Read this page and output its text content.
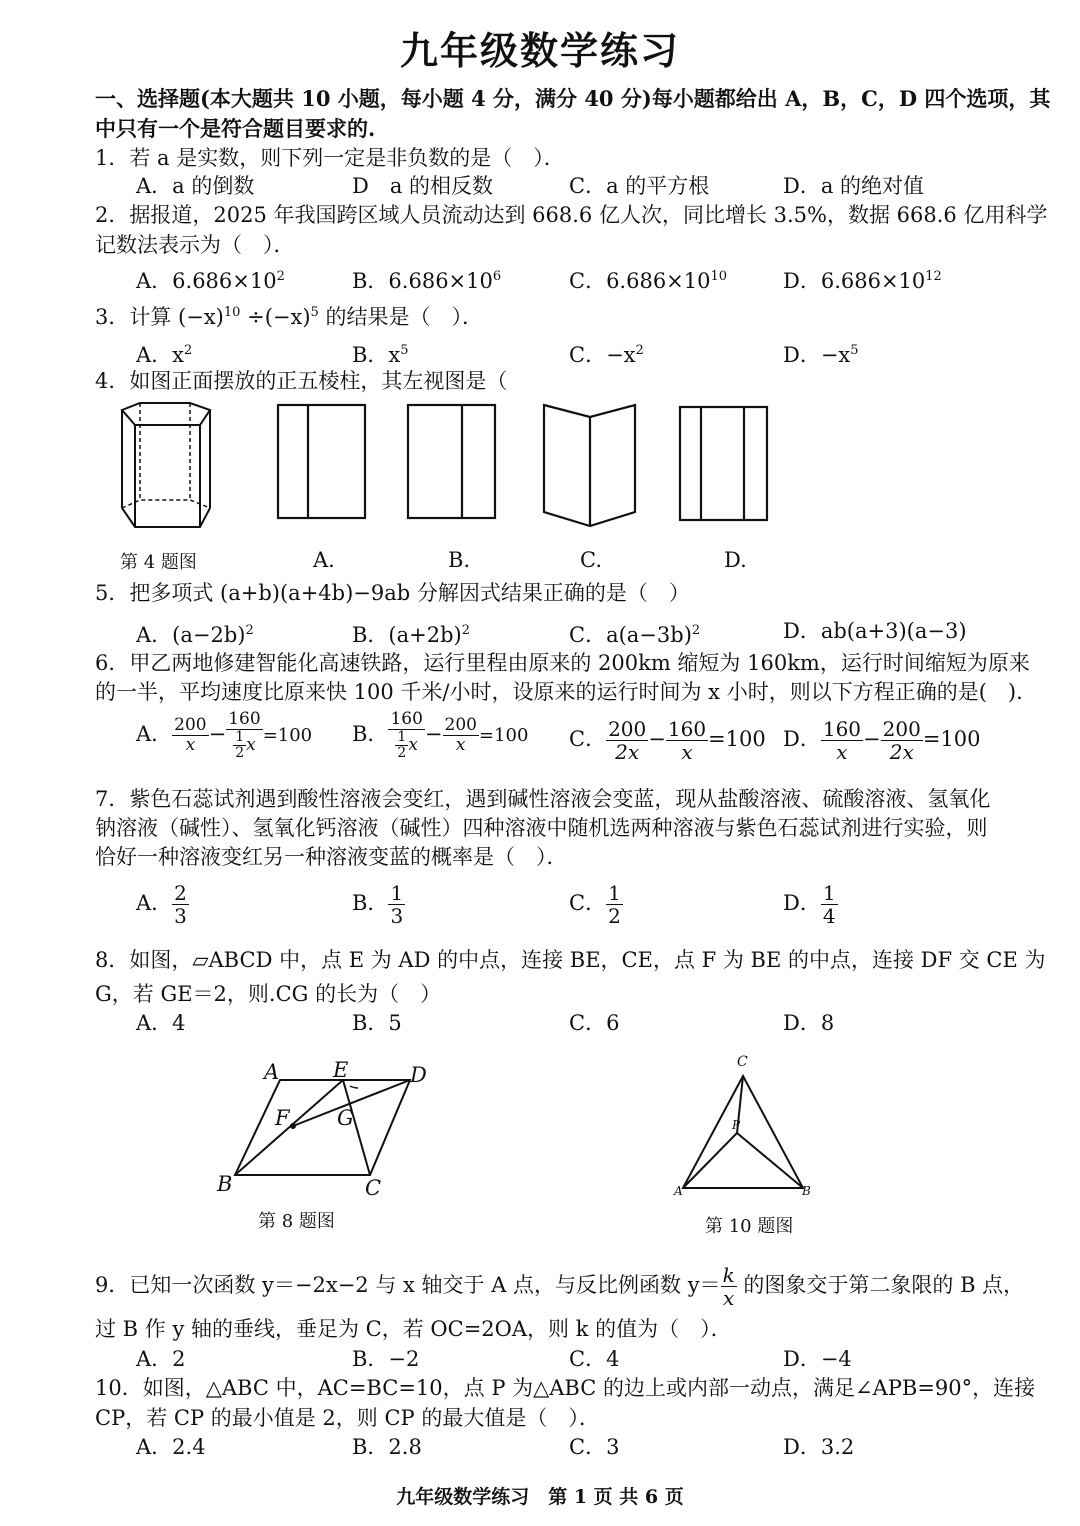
九年级数学练习
一、选择题(本大题共 10 小题，每小题 4 分，满分 40 分)每小题都给出 A，B，C，D 四个选项，其
中只有一个是符合题目要求的.
1．若 a 是实数，则下列一定是非负数的是（　）．
A．a 的倒数	D　a 的相反数	C．a 的平方根	D．a 的绝对值
2．据报道，2025 年我国跨区域人员流动达到 668.6 亿人次，同比增长 3.5%，数据 668.6 亿用科学
记数法表示为（　）．
A．$6.686\times 10^2$	B．$6.686\times 10^6$	C．$6.686\times 10^{10}$	D．$6.686\times 10^{12}$
3．计算 $(-x)^{10} \div(-x)^5$ 的结果是（　）．
A．$x^2$	B．$x^5$	C．$-x^2$	D．$-x^5$
4．如图正面摆放的正五棱柱，其左视图是（
第 4 题图	A.	B.	C.	D.
5．把多项式 (a+b)(a+4b)−9ab 分解因式结果正确的是（　）
A．$(a-2b)^2$	B．$(a+2b)^2$	C．$a(a-3b)^2$	D．ab(a+3)(a−3)
6．甲乙两地修建智能化高速铁路，运行里程由原来的 200km 缩短为 160km，运行时间缩短为原来
的一半，平均速度比原来快 100 千米/小时，设原来的运行时间为 x 小时，则以下方程正确的是(　).
A． $\frac{200}{x} - \frac{160}{\frac{1}{2} x} =100$ B． $\frac{160}{\frac{1}{2} x} - \frac{200}{x} =100$ C． $\frac{200}{2x} - \frac{160}{x} =100$ D． $\frac{160}{x} - \frac{200}{2x} =100$
7．紫色石蕊试剂遇到酸性溶液会变红，遇到碱性溶液会变蓝，现从盐酸溶液、硫酸溶液、氢氧化
钠溶液（碱性）、氢氧化钙溶液（碱性）四种溶液中随机选两种溶液与紫色石蕊试剂进行实验，则
恰好一种溶液变红另一种溶液变蓝的概率是（　）．
A． $\frac{2}{3}$	B． $\frac{1}{3}$	C． $\frac{1}{2}$	D． $\frac{1}{4}$
8．如图，▱ABCD 中，点 E 为 AD 的中点，连接 BE，CE，点 F 为 BE 的中点，连接 DF 交 CE 为
G，若 GE＝2，则.CG 的长为（　）
A．4	B．5	C．6	D．8
A	E	D
F G
B	C
第 8 题图
C
P
A	B
第 10 题图
9．已知一次函数 y＝−2x−2 与 x 轴交于 A 点，与反比例函数 $y= \frac{k}{x}$ 的图象交于第二象限的 B 点，
过 B 作 y 轴的垂线，垂足为 C，若 OC=2OA，则 k 的值为（　）．
A．2	B．−2	C．4	D．−4
10．如图，△ABC 中，AC=BC=10，点 P 为△ABC 的边上或内部一动点，满足∠APB=90°，连接
CP，若 CP 的最小值是 2，则 CP 的最大值是（　）．
A．2.4	B．2.8	C．3	D．3.2
九年级数学练习　第 1 页 共 6 页
